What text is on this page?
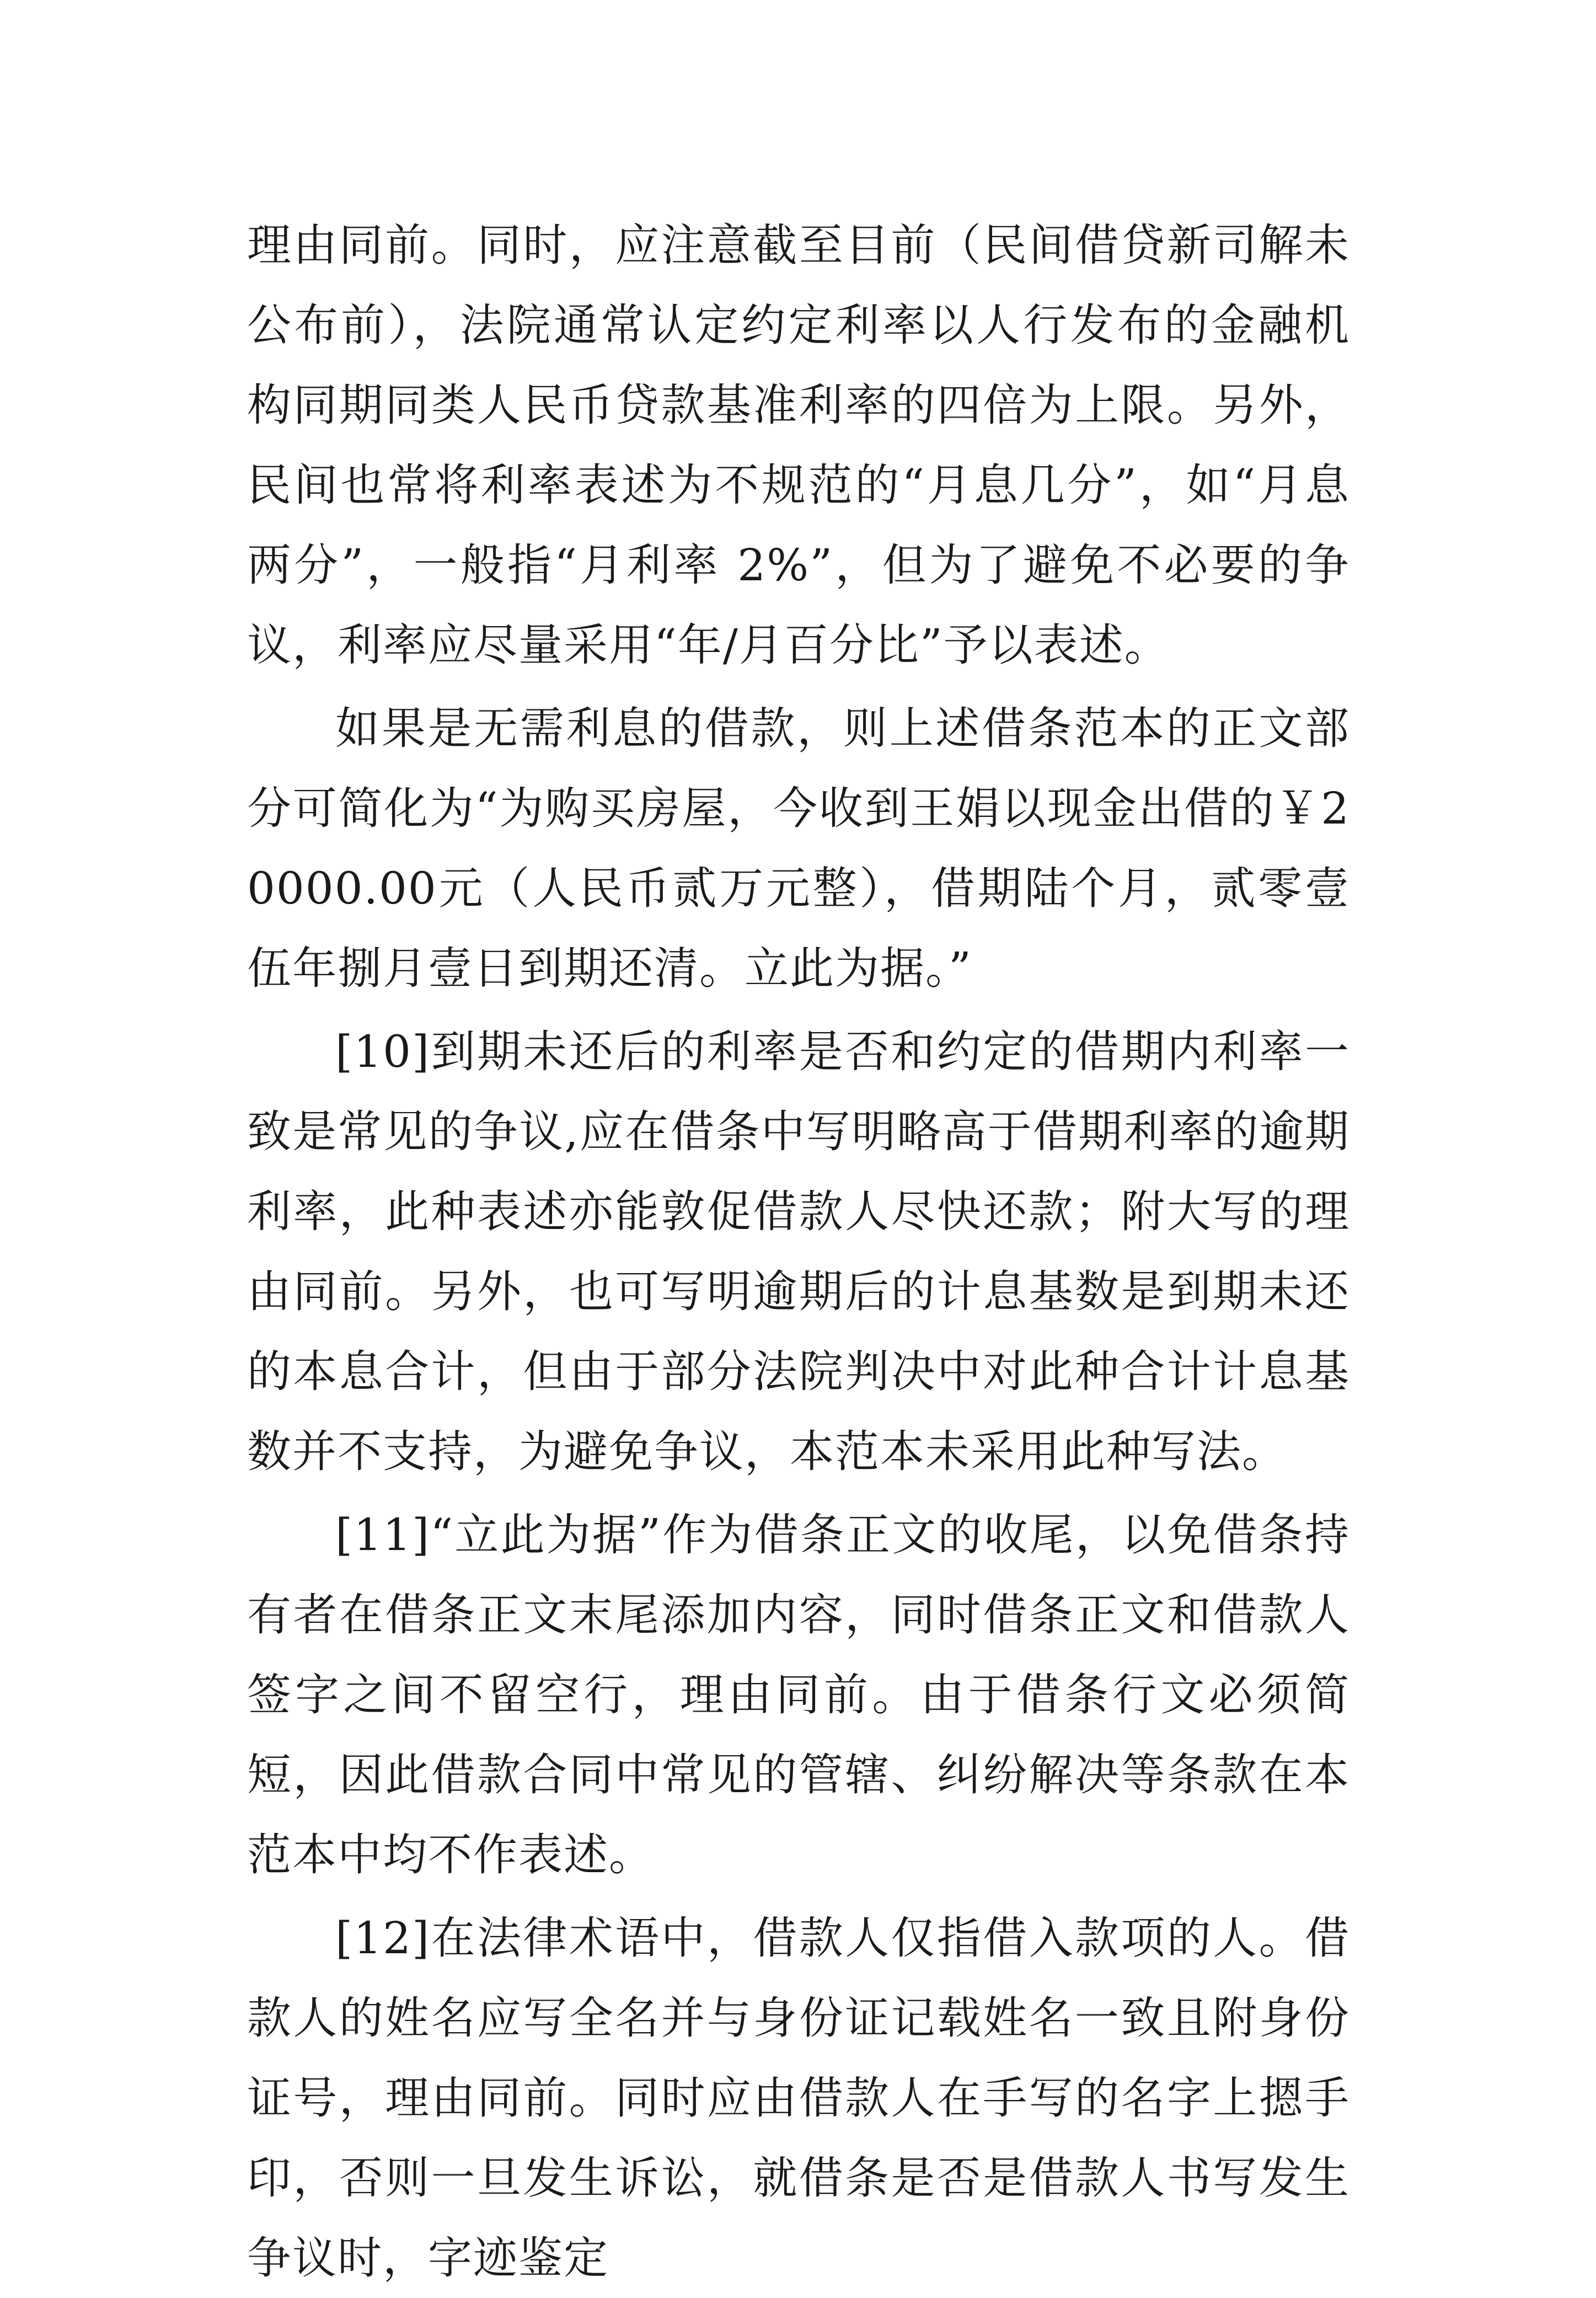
理由同前。同时，应注意截至目前（民间借贷新司解未公布前），法院通常认定约定利率以人行发布的金融机构同期同类人民币贷款基准利率的四倍为上限。另外，民间也常将利率表述为不规范的“月息几分”，如“月息两分”，一般指“月利率 2%”，但为了避免不必要的争议，利率应尽量采用“年/月百分比”予以表述。

如果是无需利息的借款，则上述借条范本的正文部分可简化为“为购买房屋，今收到王娟以现金出借的￥20000.00元（人民币贰万元整），借期陆个月，贰零壹伍年捌月壹日到期还清。立此为据。”

[10]到期未还后的利率是否和约定的借期内利率一致是常见的争议,应在借条中写明略高于借期利率的逾期利率，此种表述亦能敦促借款人尽快还款；附大写的理由同前。另外，也可写明逾期后的计息基数是到期未还的本息合计，但由于部分法院判决中对此种合计计息基数并不支持，为避免争议，本范本未采用此种写法。

[11]“立此为据”作为借条正文的收尾，以免借条持有者在借条正文末尾添加内容，同时借条正文和借款人签字之间不留空行，理由同前。由于借条行文必须简短，因此借款合同中常见的管辖、纠纷解决等条款在本范本中均不作表述。

[12]在法律术语中，借款人仅指借入款项的人。借款人的姓名应写全名并与身份证记载姓名一致且附身份证号，理由同前。同时应由借款人在手写的名字上摁手印，否则一旦发生诉讼，就借条是否是借款人书写发生争议时，字迹鉴定
